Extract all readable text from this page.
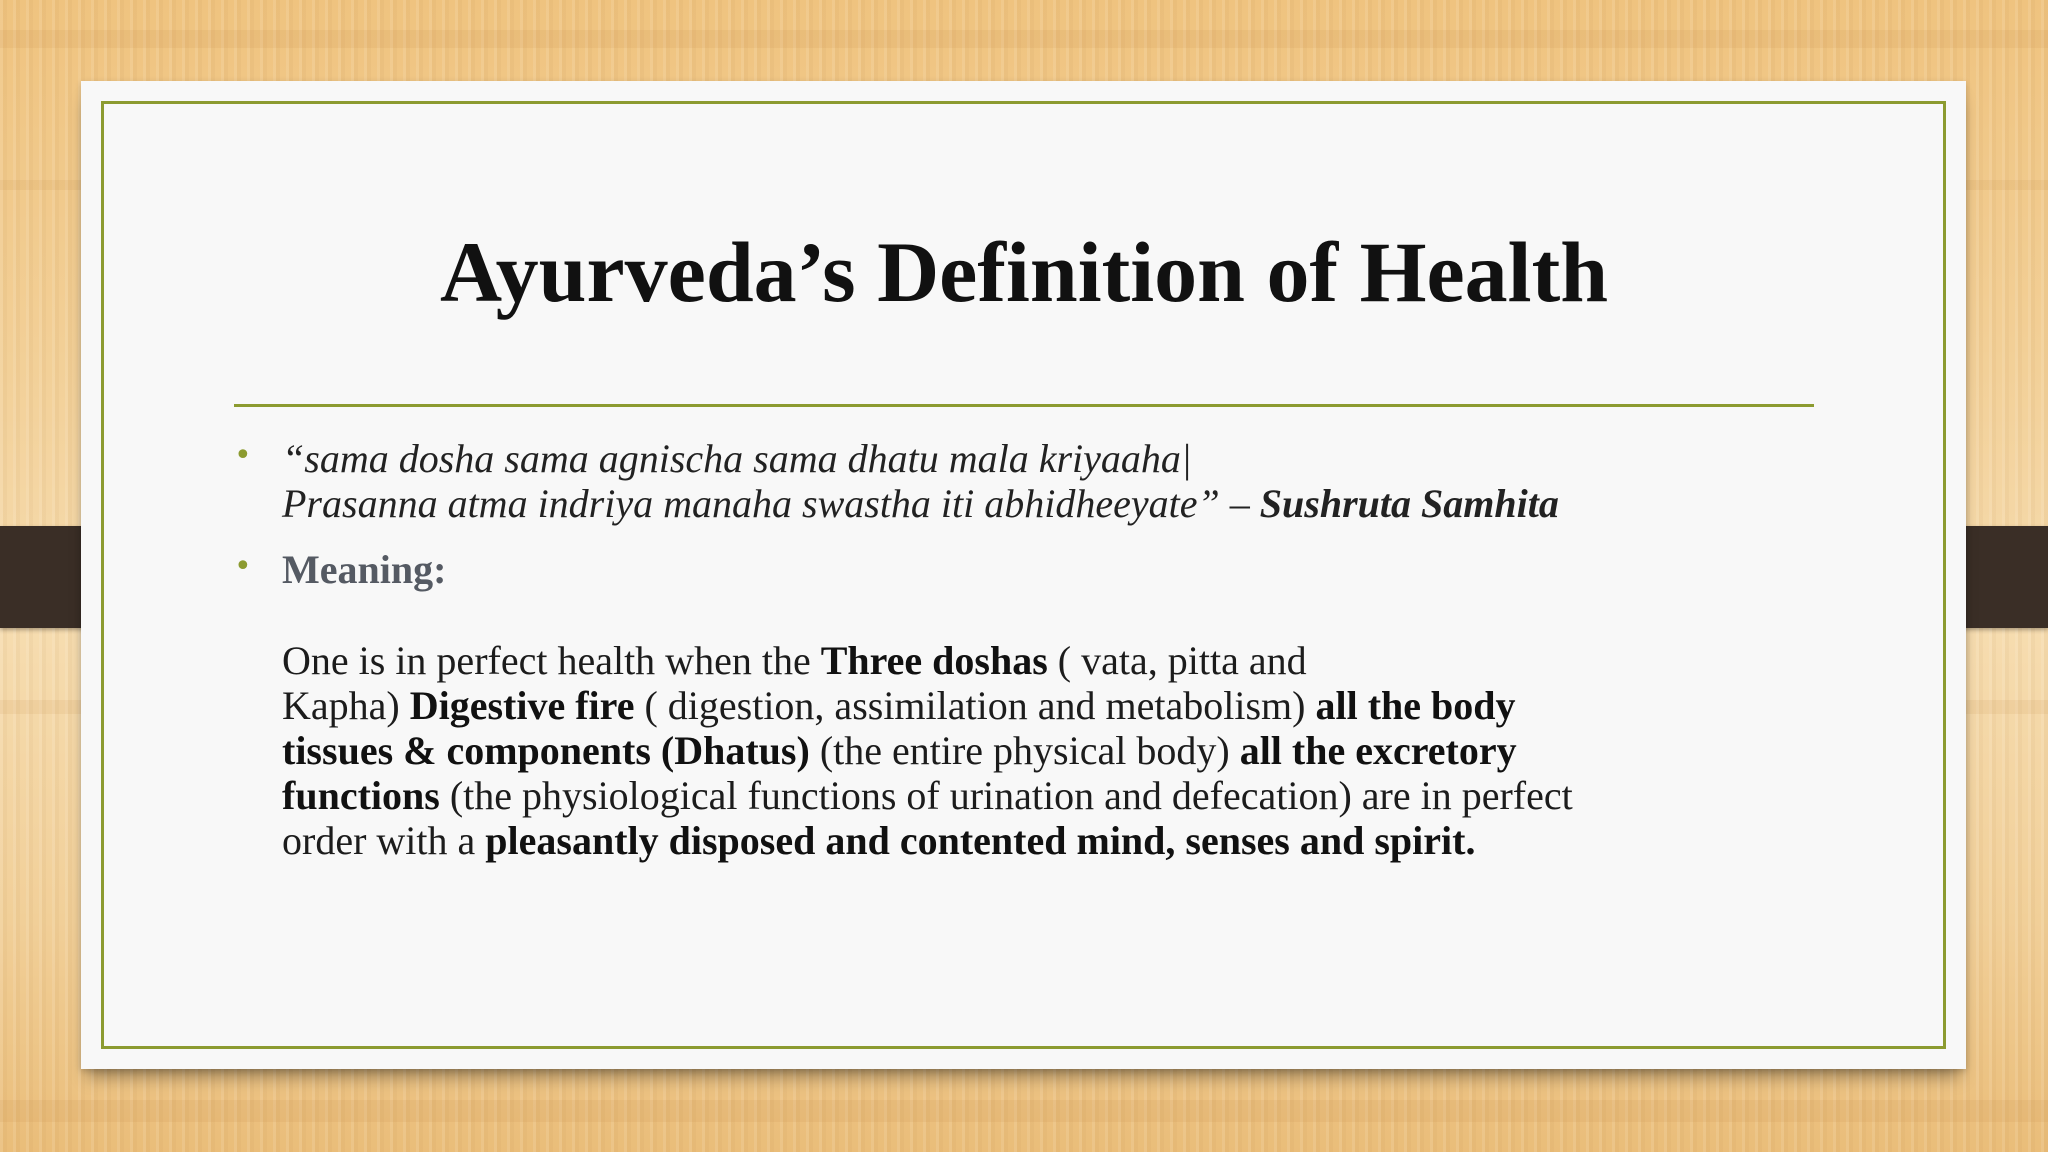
Ayurveda’s Definition of Health
• “sama dosha sama agnischa sama dhatu mala kriyaaha|
Prasanna atma indriya manaha swastha iti abhidheeyate” – Sushruta Samhita
• Meaning:
One is in perfect health when the Three doshas ( vata, pitta and
Kapha) Digestive fire ( digestion, assimilation and metabolism) all the body
tissues & components (Dhatus) (the entire physical body) all the excretory
functions (the physiological functions of urination and defecation) are in perfect
order with a pleasantly disposed and contented mind, senses and spirit.
